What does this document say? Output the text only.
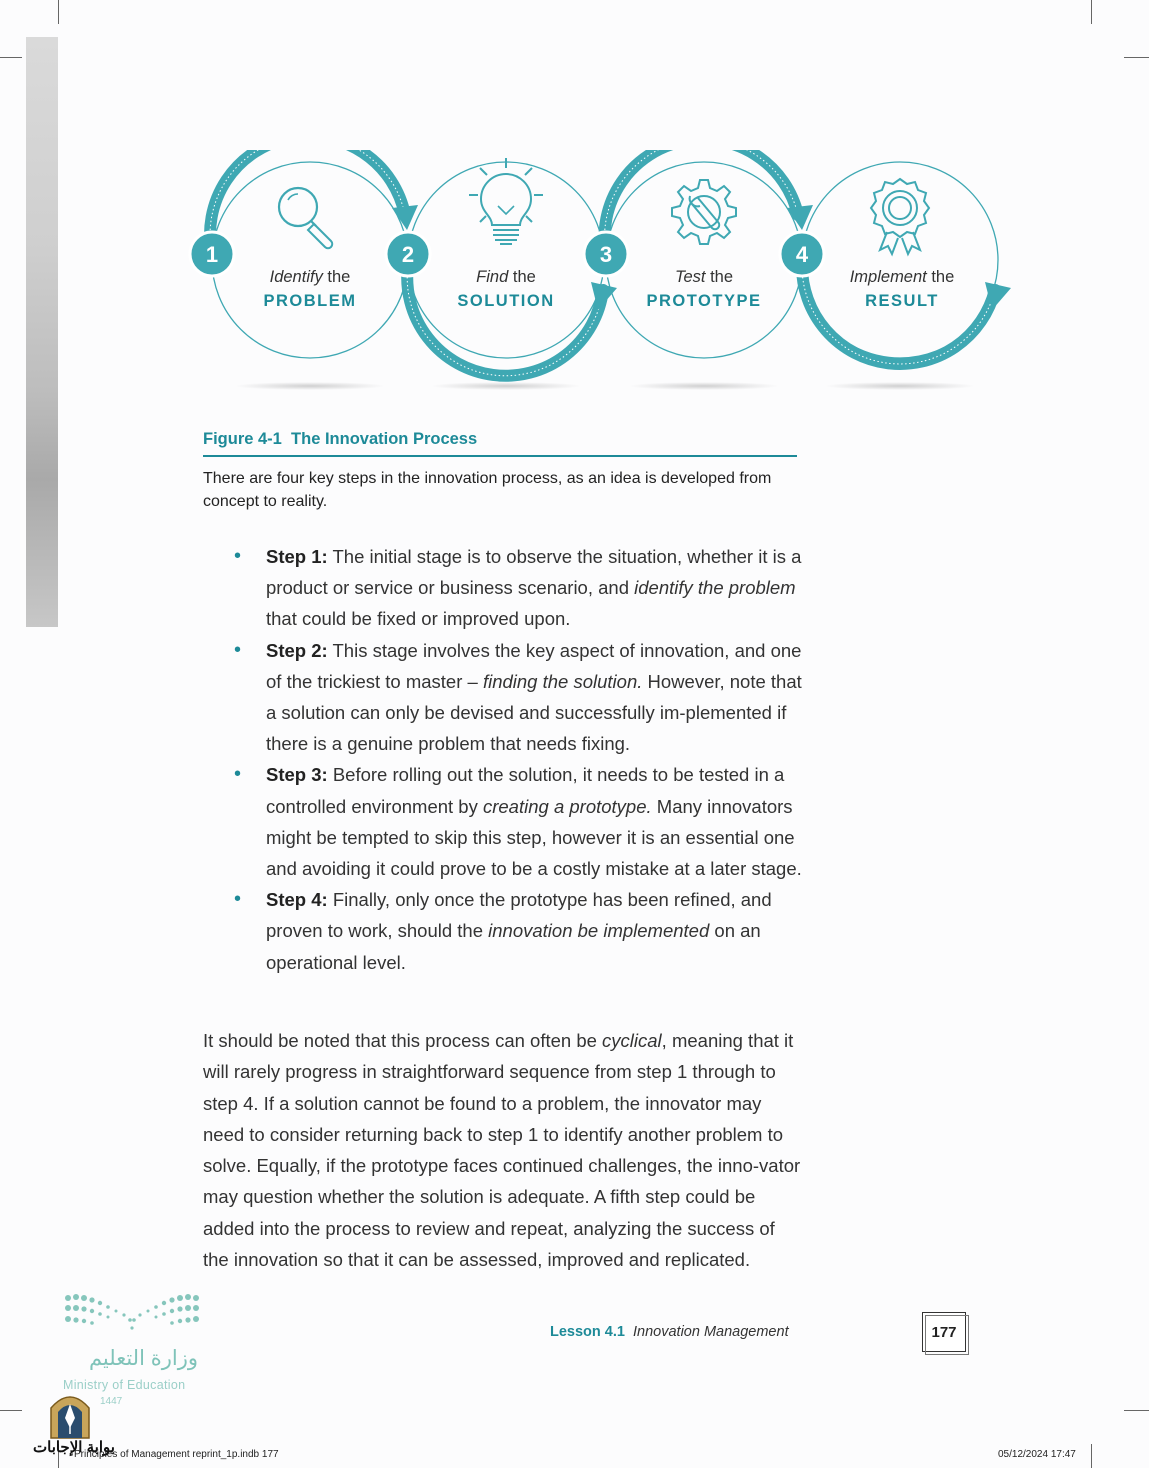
1	2	3	4
Identify the	Find the	Test the	Implement the
PROBLEM	SOLUTION	PROTOTYPE	RESULT
Figure 4-1 The Innovation Process
There are four key steps in the innovation process, as an idea is developed from concept to reality.
• Step 1: The initial stage is to observe the situation, whether it is a product or service or business scenario, and identify the problem that could be fixed or improved upon.
• Step 2: This stage involves the key aspect of innovation, and one of the trickiest to master – finding the solution. However, note that a solution can only be devised and successfully im-plemented if there is a genuine problem that needs fixing.
• Step 3: Before rolling out the solution, it needs to be tested in a controlled environment by creating a prototype. Many innovators might be tempted to skip this step, however it is an essential one and avoiding it could prove to be a costly mistake at a later stage.
• Step 4: Finally, only once the prototype has been refined, and proven to work, should the innovation be implemented on an operational level.

It should be noted that this process can often be cyclical, meaning that it will rarely progress in straightforward sequence from step 1 through to step 4. If a solution cannot be found to a problem, the innovator may need to consider returning back to step 1 to identify another problem to solve. Equally, if the prototype faces continued challenges, the inno-vator may question whether the solution is adequate. A fifth step could be added into the process to review and repeat, analyzing the success of the innovation so that it can be assessed, improved and replicated.

Lesson 4.1 Innovation Management	177
وزارة التعليم
Ministry of Education
1447
بوابة الإجابات
Principles of Management reprint_1p.indb 177	05/12/2024 17:47
